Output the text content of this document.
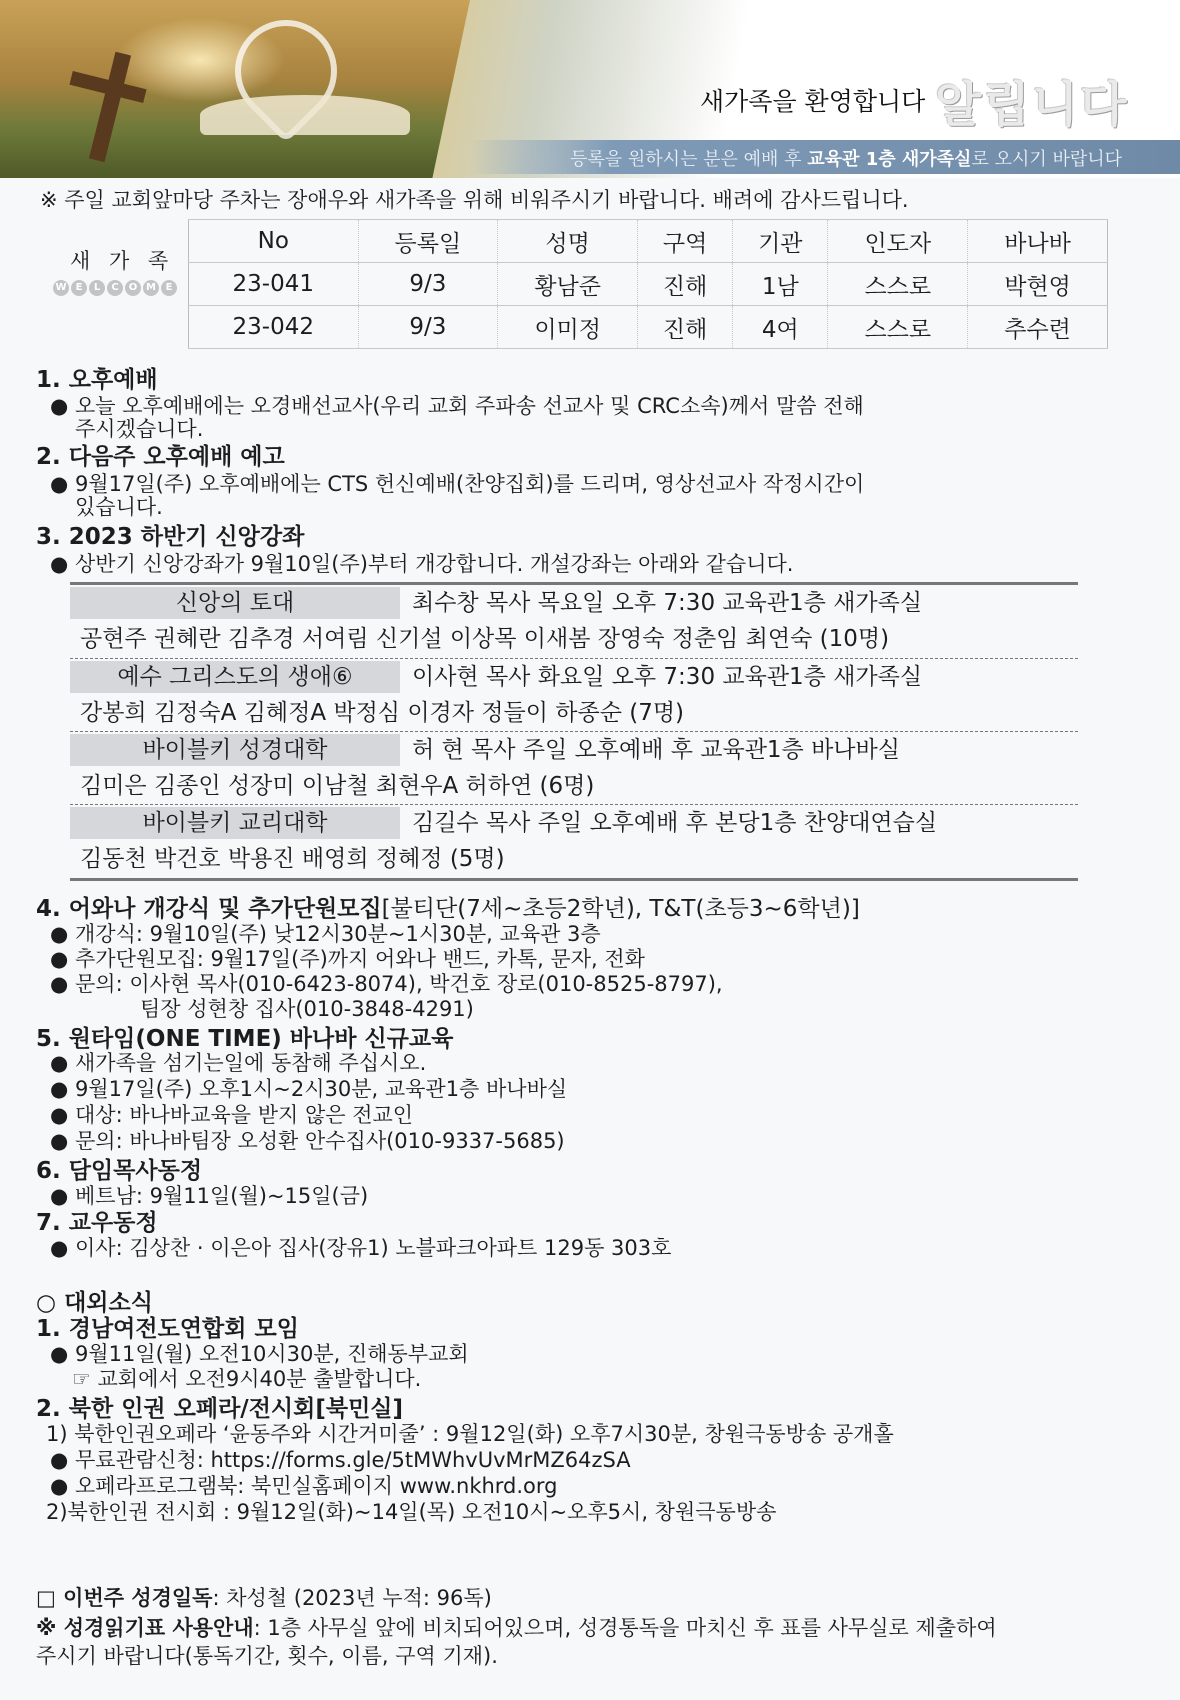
새가족을 환영합니다 알립니다
등록을 원하시는 분은 예배 후 교육관 1층 새가족실로 오시기 바랍니다
※ 주일 교회앞마당 주차는 장애우와 새가족을 위해 비워주시기 바랍니다. 배려에 감사드립니다.
새 가 족
W E	L	C	O M E
No	등록일	성명	구역	기관	인도자	바나바
23-041	9/3	황남준	진해	1남	스스로	박현영
23-042	9/3	이미정	진해	4여	스스로	추수련
1. 오후예배
● 오늘 오후예배에는 오경배선교사(우리 교회 주파송 선교사 및 CRC소속)께서 말씀 전해
주시겠습니다.
2. 다음주 오후예배 예고
● 9월17일(주) 오후예배에는 CTS 헌신예배(찬양집회)를 드리며, 영상선교사 작정시간이
있습니다.
3. 2023 하반기 신앙강좌
● 상반기 신앙강좌가 9월10일(주)부터 개강합니다. 개설강좌는 아래와 같습니다.
신앙의 토대	최수창 목사 목요일 오후 7:30 교육관1층 새가족실
공현주 권혜란 김추경 서여림 신기설 이상목 이새봄 장영숙 정춘임 최연숙 (10명)
예수 그리스도의 생애⑥	이사현 목사 화요일 오후 7:30 교육관1층 새가족실
강봉희 김정숙A 김혜정A 박정심 이경자 정들이 하종순 (7명)
바이블키 성경대학	허 현 목사 주일 오후예배 후 교육관1층 바나바실
김미은 김종인 성장미 이남철 최현우A 허하연 (6명)
바이블키 교리대학	김길수 목사 주일 오후예배 후 본당1층 찬양대연습실
김동천 박건호 박용진 배영희 정혜정 (5명)
4. 어와나 개강식 및 추가단원모집[불티단(7세~초등2학년), T&T(초등3~6학년)]
● 개강식: 9월10일(주) 낮12시30분~1시30분, 교육관 3층
● 추가단원모집: 9월17일(주)까지 어와나 밴드, 카톡, 문자, 전화
● 문의: 이사현 목사(010-6423-8074), 박건호 장로(010-8525-8797),
팀장 성현창 집사(010-3848-4291)
5. 원타임(ONE TIME) 바나바 신규교육
● 새가족을 섬기는일에 동참해 주십시오.
● 9월17일(주) 오후1시~2시30분, 교육관1층 바나바실
● 대상: 바나바교육을 받지 않은 전교인
● 문의: 바나바팀장 오성환 안수집사(010-9337-5685)
6. 담임목사동정
● 베트남: 9월11일(월)~15일(금)
7. 교우동정
● 이사: 김상찬 · 이은아 집사(장유1) 노블파크아파트 129동 303호
○ 대외소식
1. 경남여전도연합회 모임
● 9월11일(월) 오전10시30분, 진해동부교회
☞ 교회에서 오전9시40분 출발합니다.
2. 북한 인권 오페라/전시회[북민실]
1) 북한인권오페라 ‘윤동주와 시간거미줄’ : 9월12일(화) 오후7시30분, 창원극동방송 공개홀
● 무료관람신청: https://forms.gle/5tMWhvUvMrMZ64zSA
● 오페라프로그램북: 북민실홈페이지 www.nkhrd.org
2)북한인권 전시회 : 9월12일(화)~14일(목) 오전10시~오후5시, 창원극동방송
□ 이번주 성경일독: 차성철 (2023년 누적: 96독)
※ 성경읽기표 사용안내: 1층 사무실 앞에 비치되어있으며, 성경통독을 마치신 후 표를 사무실로 제출하여
주시기 바랍니다(통독기간, 횟수, 이름, 구역 기재).
